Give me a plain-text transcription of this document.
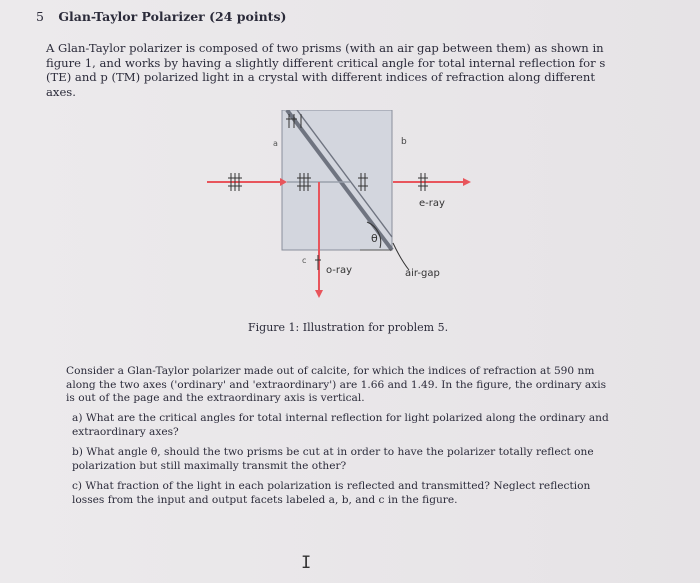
5 Glan-Taylor Polarizer (24 points)
A Glan-Taylor polarizer is composed of two prisms (with an air gap between them) as shown in figure 1, and works by having a slightly different critical angle for total internal reflection for s (TE) and p (TM) polarized light in a crystal with different indices of refraction along different axes.
a	b
c
θ
e-ray
o-ray	air-gap
Figure 1: Illustration for problem 5.

Consider a Glan-Taylor polarizer made out of calcite, for which the indices of refraction at 590 nm along the two axes ('ordinary' and 'extraordinary') are 1.66 and 1.49. In the figure, the ordinary axis is out of the page and the extraordinary axis is vertical.

a) What are the critical angles for total internal reflection for light polarized along the ordinary and extraordinary axes?

b) What angle θ, should the two prisms be cut at in order to have the polarizer totally reflect one polarization but still maximally transmit the other?

c) What fraction of the light in each polarization is reflected and transmitted? Neglect reflection losses from the input and output facets labeled a, b, and c in the figure.

I
